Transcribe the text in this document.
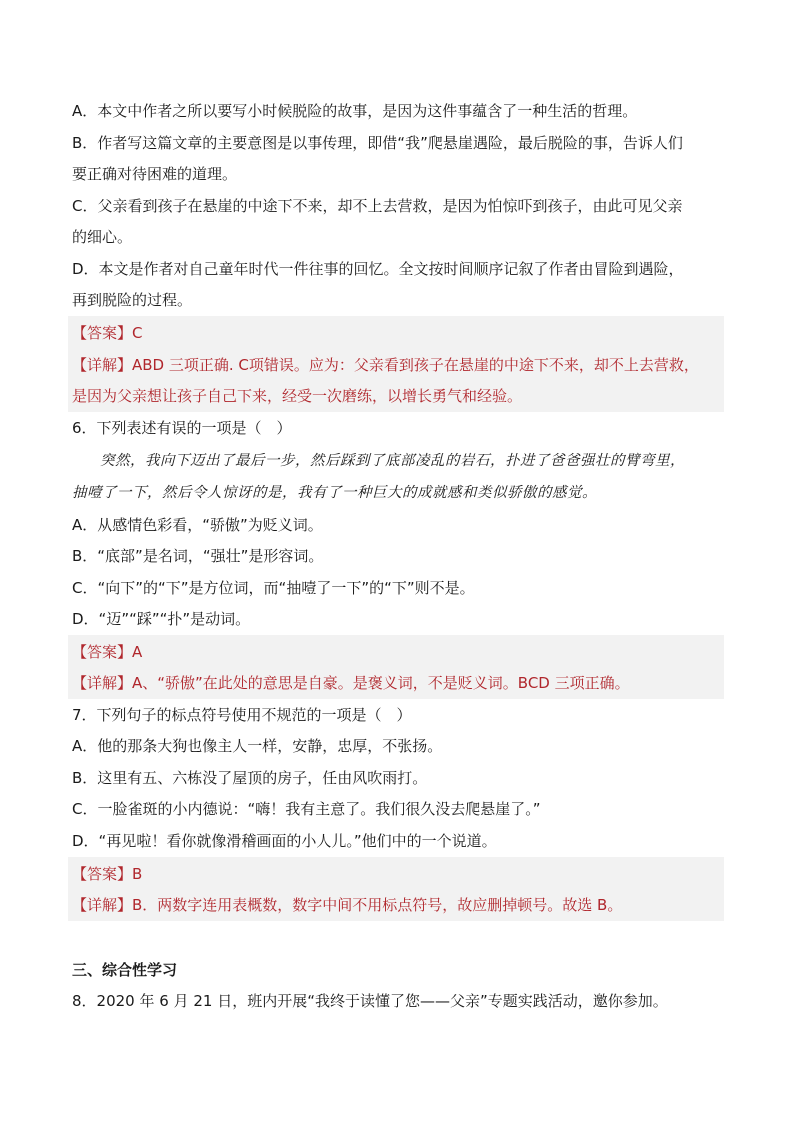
A．本文中作者之所以要写小时候脱险的故事，是因为这件事蕴含了一种生活的哲理。
B．作者写这篇文章的主要意图是以事传理，即借“我”爬悬崖遇险，最后脱险的事，告诉人们
要正确对待困难的道理。
C．父亲看到孩子在悬崖的中途下不来，却不上去营救，是因为怕惊吓到孩子，由此可见父亲
的细心。
D．本文是作者对自己童年时代一件往事的回忆。全文按时间顺序记叙了作者由冒险到遇险，
再到脱险的过程。
【答案】C
【详解】ABD 三项正确. C项错误。应为：父亲看到孩子在悬崖的中途下不来，却不上去营救，
是因为父亲想让孩子自己下来，经受一次磨练，以增长勇气和经验。
6．下列表述有误的一项是（　）
突然，我向下迈出了最后一步，然后踩到了底部凌乱的岩石，扑进了爸爸强壮的臂弯里，
抽噎了一下，然后令人惊讶的是，我有了一种巨大的成就感和类似骄傲的感觉。
A．从感情色彩看，“骄傲”为贬义词。
B．“底部”是名词，“强壮”是形容词。
C．“向下”的“下”是方位词，而“抽噎了一下”的“下”则不是。
D．“迈”“踩”“扑”是动词。
【答案】A
【详解】A、“骄傲”在此处的意思是自豪。是褒义词，不是贬义词。BCD 三项正确。
7．下列句子的标点符号使用不规范的一项是（　）
A．他的那条大狗也像主人一样，安静，忠厚，不张扬。
B．这里有五、六栋没了屋顶的房子，任由风吹雨打。
C．一脸雀斑的小内德说：“嗨！我有主意了。我们很久没去爬悬崖了。”
D．“再见啦！看你就像滑稽画面的小人儿。”他们中的一个说道。
【答案】B
【详解】B．两数字连用表概数，数字中间不用标点符号，故应删掉顿号。故选 B。
三、综合性学习
8．2020 年 6 月 21 日，班内开展“我终于读懂了您——父亲”专题实践活动，邀你参加。
